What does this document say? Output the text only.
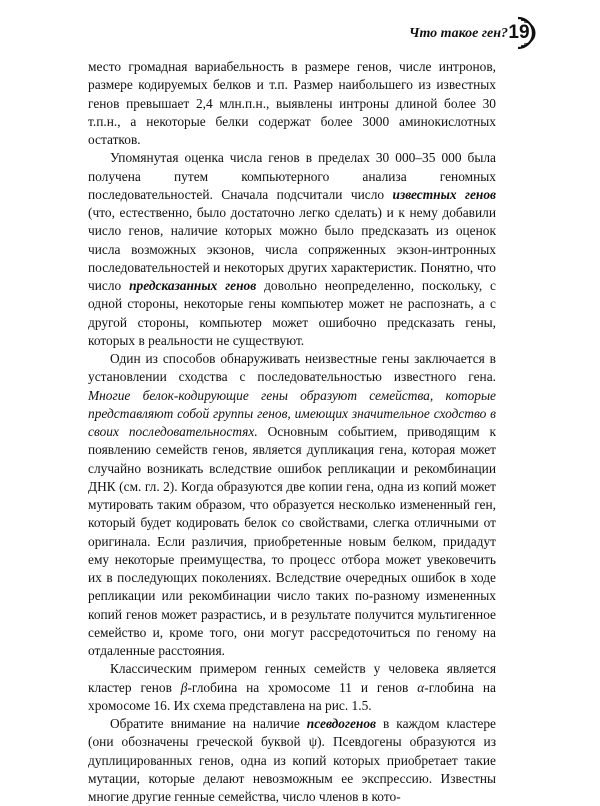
Что такое ген? 19

место громадная вариабельность в размере генов, числе интронов, размере кодируемых белков и т.п. Размер наибольшего из известных генов превышает 2,4 млн.п.н., выявлены интроны длиной более 30 т.п.н., а некоторые белки содержат более 3000 аминокислотных остатков.

Упомянутая оценка числа генов в пределах 30 000–35 000 была получена путем компьютерного анализа геномных последовательностей. Сначала подсчитали число известных генов (что, естественно, было достаточно легко сделать) и к нему добавили число генов, наличие которых можно было предсказать из оценок числа возможных экзонов, числа сопряженных экзон-интронных последовательностей и некоторых других характеристик. Понятно, что число предсказанных генов довольно неопределенно, поскольку, с одной стороны, некоторые гены компьютер может не распознать, а с другой стороны, компьютер может ошибочно предсказать гены, которых в реальности не существуют.

Один из способов обнаруживать неизвестные гены заключается в установлении сходства с последовательностью известного гена. Многие белок-кодирующие гены образуют семейства, которые представляют собой группы генов, имеющих значительное сходство в своих последовательностях. Основным событием, приводящим к появлению семейств генов, является дупликация гена, которая может случайно возникать вследствие ошибок репликации и рекомбинации ДНК (см. гл. 2). Когда образуются две копии гена, одна из копий может мутировать таким образом, что образуется несколько измененный ген, который будет кодировать белок со свойствами, слегка отличными от оригинала. Если различия, приобретенные новым белком, придадут ему некоторые преимущества, то процесс отбора может увековечить их в последующих поколениях. Вследствие очередных ошибок в ходе репликации или рекомбинации число таких по-разному измененных копий генов может разрастись, и в результате получится мультигенное семейство и, кроме того, они могут рассредоточиться по геному на отдаленные расстояния.

Классическим примером генных семейств у человека является кластер генов β-глобина на хромосоме 11 и генов α-глобина на хромосоме 16. Их схема представлена на рис. 1.5.

Обратите внимание на наличие псевдогенов в каждом кластере (они обозначены греческой буквой ψ). Псевдогены образуются из дуплицированных генов, одна из копий которых приобретает такие мутации, которые делают невозможным ее экспрессию. Известны многие другие генные семейства, число членов в кото-
